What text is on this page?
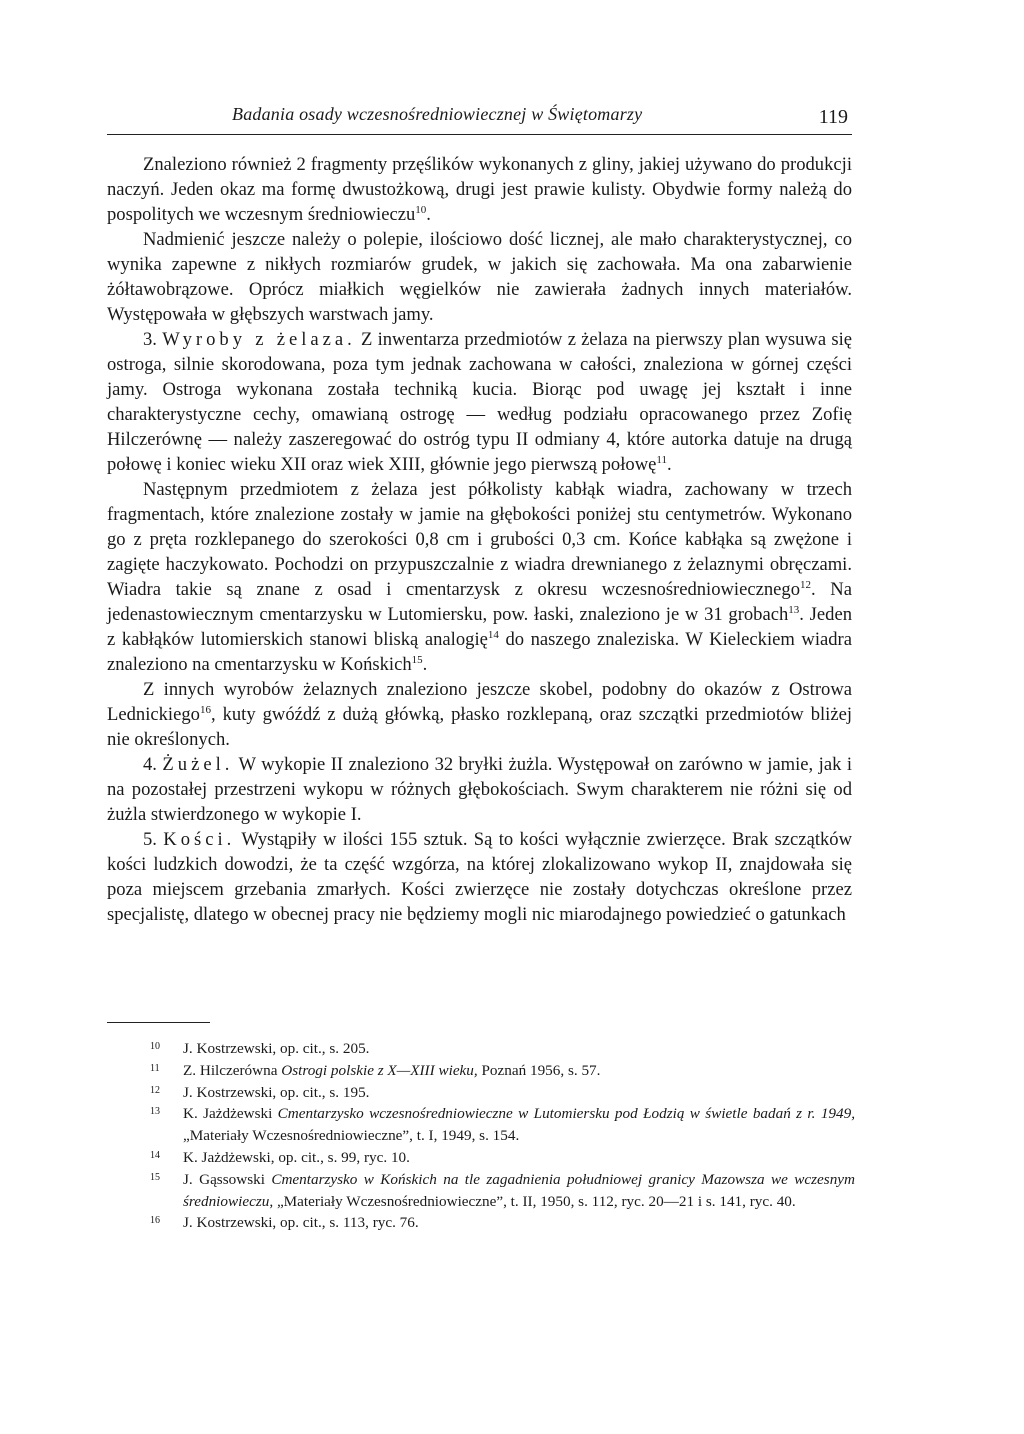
Badania osady wczesnośredniowiecznej w Świętomarzy	119

Znaleziono również 2 fragmenty przęślików wykonanych z gliny, jakiej używano do produkcji naczyń. Jeden okaz ma formę dwustożkową, drugi jest prawie kulisty. Obydwie formy należą do pospolitych we wczesnym średniowieczu$^{10}$.

Nadmienić jeszcze należy o polepie, ilościowo dość licznej, ale mało charakterystycznej, co wynika zapewne z nikłych rozmiarów grudek, w jakich się zachowała. Ma ona zabarwienie żółtawobrązowe. Oprócz miałkich węgielków nie zawierała żadnych innych materiałów. Występowała w głębszych warstwach jamy.

3. Wyroby z żelaza. Z inwentarza przedmiotów z żelaza na pierwszy plan wysuwa się ostroga, silnie skorodowana, poza tym jednak zachowana w całości, znaleziona w górnej części jamy. Ostroga wykonana została techniką kucia. Biorąc pod uwagę jej kształt i inne charakterystyczne cechy, omawianą ostrogę — według podziału opracowanego przez Zofię Hilczerównę — należy zaszeregować do ostróg typu II odmiany 4, które autorka datuje na drugą połowę i koniec wieku XII oraz wiek XIII, głównie jego pierwszą połowę$^{11}$.

Następnym przedmiotem z żelaza jest półkolisty kabłąk wiadra, zachowany w trzech fragmentach, które znalezione zostały w jamie na głębokości poniżej stu centymetrów. Wykonano go z pręta rozklepanego do szerokości 0,8 cm i grubości 0,3 cm. Końce kabłąka są zwężone i zagięte haczykowato. Pochodzi on przypuszczalnie z wiadra drewnianego z żelaznymi obręczami. Wiadra takie są znane z osad i cmentarzysk z okresu wczesnośredniowiecznego$^{12}$. Na jedenastowiecznym cmentarzysku w Lutomiersku, pow. łaski, znaleziono je w 31 grobach$^{13}$. Jeden z kabłąków lutomierskich stanowi bliską analogię$^{14}$ do naszego znaleziska. W Kieleckiem wiadra znaleziono na cmentarzysku w Końskich$^{15}$.

Z innych wyrobów żelaznych znaleziono jeszcze skobel, podobny do okazów z Ostrowa Lednickiego$^{16}$, kuty gwóźdź z dużą główką, płasko rozklepaną, oraz szczątki przedmiotów bliżej nie określonych.

4. Żużel. W wykopie II znaleziono 32 bryłki żużla. Występował on zarówno w jamie, jak i na pozostałej przestrzeni wykopu w różnych głębokościach. Swym charakterem nie różni się od żużla stwierdzonego w wykopie I.

5. Kości. Wystąpiły w ilości 155 sztuk. Są to kości wyłącznie zwierzęce. Brak szczątków kości ludzkich dowodzi, że ta część wzgórza, na której zlokalizowano wykop II, znajdowała się poza miejscem grzebania zmarłych. Kości zwierzęce nie zostały dotychczas określone przez specjalistę, dlatego w obecnej pracy nie będziemy mogli nic miarodajnego powiedzieć o gatunkach

10 J. Kostrzewski, op. cit., s. 205.
11 Z. Hilczerówna Ostrogi polskie z X—XIII wieku, Poznań 1956, s. 57.
12 J. Kostrzewski, op. cit., s. 195.
13 K. Jażdżewski Cmentarzysko wczesnośredniowieczne w Lutomiersku pod Łodzią w świetle badań z r. 1949, „Materiały Wczesnośredniowieczne”, t. I, 1949, s. 154.
14 K. Jażdżewski, op. cit., s. 99, ryc. 10.
15 J. Gąssowski Cmentarzysko w Końskich na tle zagadnienia południowej granicy Mazowsza we wczesnym średniowieczu, „Materiały Wczesnośredniowieczne”, t. II, 1950, s. 112, ryc. 20—21 i s. 141, ryc. 40.
16 J. Kostrzewski, op. cit., s. 113, ryc. 76.
